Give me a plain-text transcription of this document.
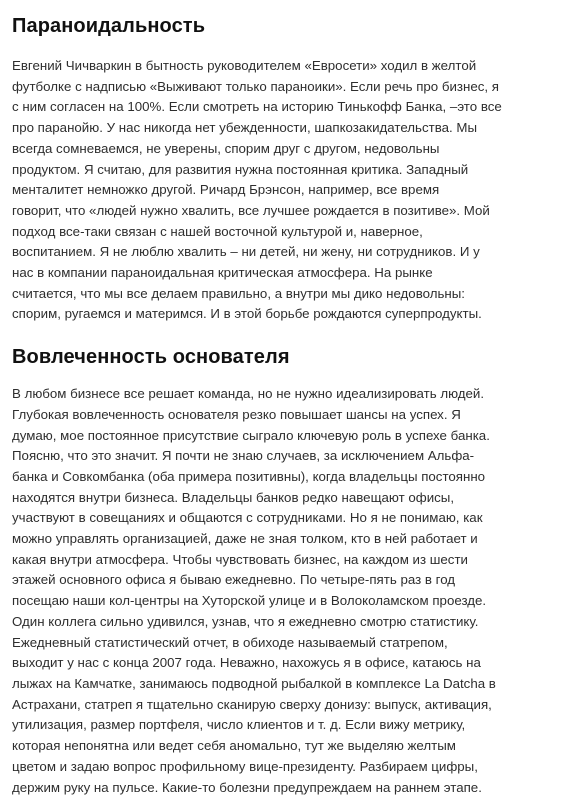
Параноидальность

Евгений Чичваркин в бытность руководителем «Евросети» ходил в желтой
футболке с надписью «Выживают только параноики». Если речь про бизнес, я
с ним согласен на 100%. Если смотреть на историю Тинькофф Банка, –это все
про паранойю. У нас никогда нет убежденности, шапкозакидательства. Мы
всегда сомневаемся, не уверены, спорим друг с другом, недовольны
продуктом. Я считаю, для развития нужна постоянная критика. Западный
менталитет немножко другой. Ричард Брэнсон, например, все время
говорит, что «людей нужно хвалить, все лучшее рождается в позитиве». Мой
подход все-таки связан с нашей восточной культурой и, наверное,
воспитанием. Я не люблю хвалить – ни детей, ни жену, ни сотрудников. И у
нас в компании параноидальная критическая атмосфера. На рынке
считается, что мы все делаем правильно, а внутри мы дико недовольны:
спорим, ругаемся и материмся. И в этой борьбе рождаются суперпродукты.

Вовлеченность основателя

В любом бизнесе все решает команда, но не нужно идеализировать людей.
Глубокая вовлеченность основателя резко повышает шансы на успех. Я
думаю, мое постоянное присутствие сыграло ключевую роль в успехе банка.
Поясню, что это значит. Я почти не знаю случаев, за исключением Альфа-
банка и Совкомбанка (оба примера позитивны), когда владельцы постоянно
находятся внутри бизнеса. Владельцы банков редко навещают офисы,
участвуют в совещаниях и общаются с сотрудниками. Но я не понимаю, как
можно управлять организацией, даже не зная толком, кто в ней работает и
какая внутри атмосфера. Чтобы чувствовать бизнес, на каждом из шести
этажей основного офиса я бываю ежедневно. По четыре-пять раз в год
посещаю наши кол-центры на Хуторской улице и в Волоколамском проезде.
Один коллега сильно удивился, узнав, что я ежедневно смотрю статистику.
Ежедневный статистический отчет, в обиходе называемый статрепом,
выходит у нас с конца 2007 года. Неважно, нахожусь я в офисе, катаюсь на
лыжах на Камчатке, занимаюсь подводной рыбалкой в комплексе La Datcha в
Астрахани, статреп я тщательно сканирую сверху донизу: выпуск, активация,
утилизация, размер портфеля, число клиентов и т. д. Если вижу метрику,
которая непонятна или ведет себя аномально, тут же выделяю желтым
цветом и задаю вопрос профильному вице-президенту. Разбираем цифры,
держим руку на пульсе. Какие-то болезни предупреждаем на раннем этапе.
